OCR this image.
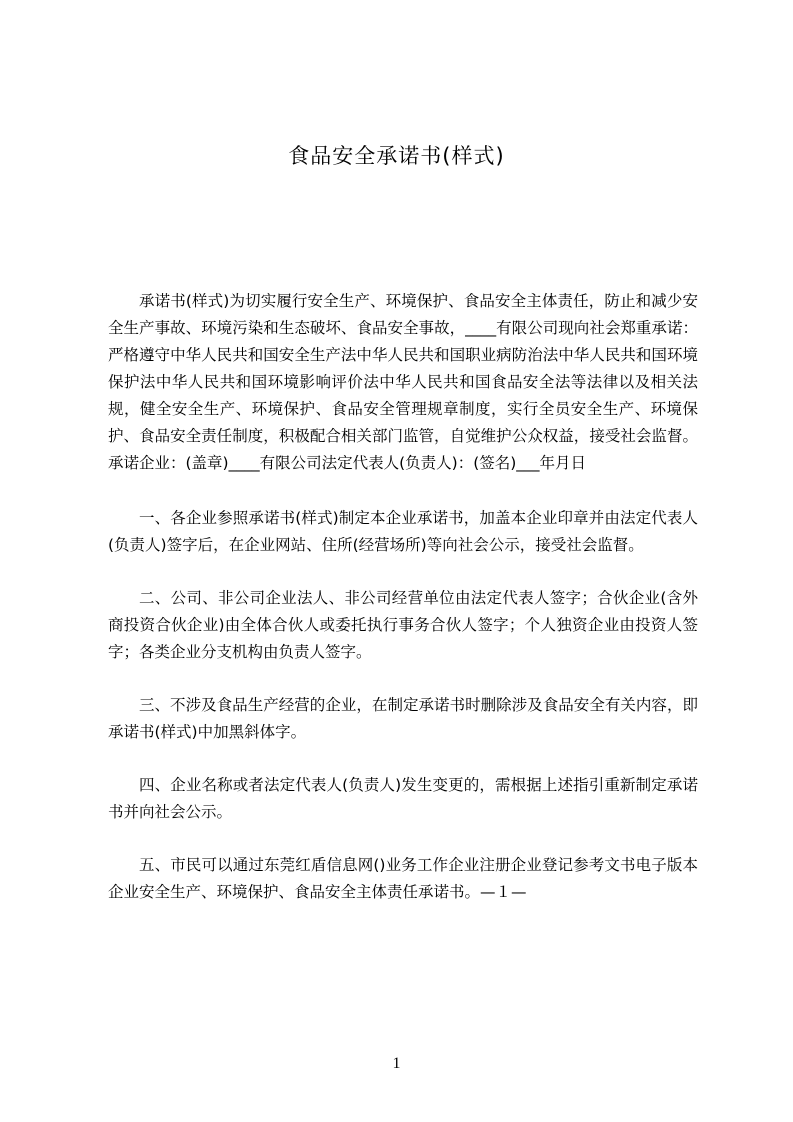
食品安全承诺书(样式)

承诺书(样式)为切实履行安全生产、环境保护、食品安全主体责任，防止和减少安全生产事故、环境污染和生态破坏、食品安全事故，____有限公司现向社会郑重承诺：严格遵守中华人民共和国安全生产法中华人民共和国职业病防治法中华人民共和国环境保护法中华人民共和国环境影响评价法中华人民共和国食品安全法等法律以及相关法规，健全安全生产、环境保护、食品安全管理规章制度，实行全员安全生产、环境保护、食品安全责任制度，积极配合相关部门监管，自觉维护公众权益，接受社会监督。承诺企业：(盖章)____有限公司法定代表人(负责人)：(签名)___年月日

一、各企业参照承诺书(样式)制定本企业承诺书，加盖本企业印章并由法定代表人(负责人)签字后，在企业网站、住所(经营场所)等向社会公示，接受社会监督。

二、公司、非公司企业法人、非公司经营单位由法定代表人签字；合伙企业(含外商投资合伙企业)由全体合伙人或委托执行事务合伙人签字；个人独资企业由投资人签字；各类企业分支机构由负责人签字。

三、不涉及食品生产经营的企业，在制定承诺书时删除涉及食品安全有关内容，即承诺书(样式)中加黑斜体字。

四、企业名称或者法定代表人(负责人)发生变更的，需根据上述指引重新制定承诺书并向社会公示。

五、市民可以通过东莞红盾信息网()业务工作企业注册企业登记参考文书电子版本企业安全生产、环境保护、食品安全主体责任承诺书。—１—

1
